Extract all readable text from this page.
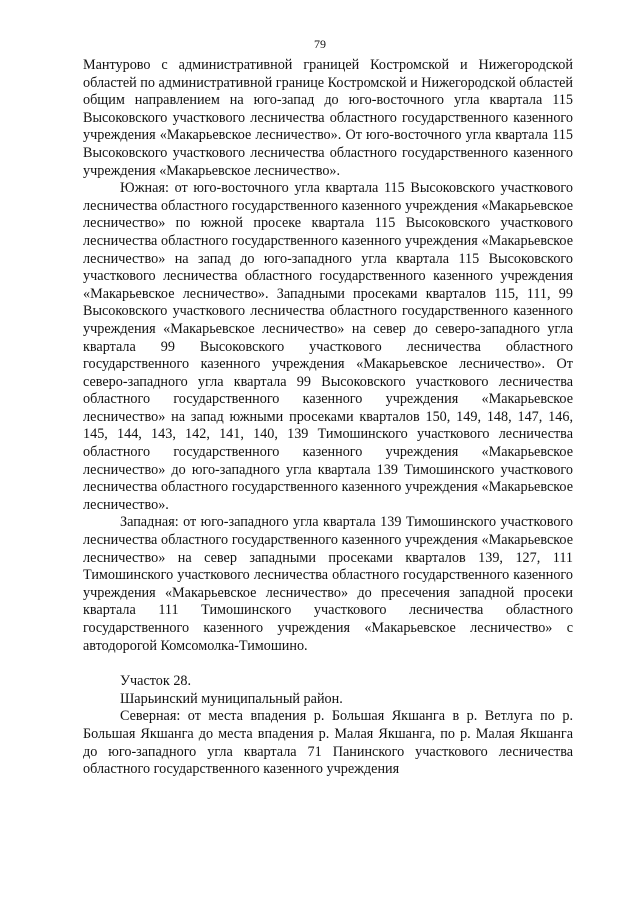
79

Мантурово с административной границей Костромской и Нижегородской областей по административной границе Костромской и Нижегородской областей общим направлением на юго-запад до юго-восточного угла квартала 115 Высоковского участкового лесничества областного государственного казенного учреждения «Макарьевское лесничество». От юго-восточного угла квартала 115 Высоковского участкового лесничества областного государственного казенного учреждения «Макарьевское лесничество».

Южная: от юго-восточного угла квартала 115 Высоковского участкового лесничества областного государственного казенного учреждения «Макарьевское лесничество» по южной просеке квартала 115 Высоковского участкового лесничества областного государственного казенного учреждения «Макарьевское лесничество» на запад до юго-западного угла квартала 115 Высоковского участкового лесничества областного государственного казенного учреждения «Макарьевское лесничество». Западными просеками кварталов 115, 111, 99 Высоковского участкового лесничества областного государственного казенного учреждения «Макарьевское лесничество» на север до северо-западного угла квартала 99 Высоковского участкового лесничества областного государственного казенного учреждения «Макарьевское лесничество». От северо-западного угла квартала 99 Высоковского участкового лесничества областного государственного казенного учреждения «Макарьевское лесничество» на запад южными просеками кварталов 150, 149, 148, 147, 146, 145, 144, 143, 142, 141, 140, 139 Тимошинского участкового лесничества областного государственного казенного учреждения «Макарьевское лесничество» до юго-западного угла квартала 139 Тимошинского участкового лесничества областного государственного казенного учреждения «Макарьевское лесничество».

Западная: от юго-западного угла квартала 139 Тимошинского участкового лесничества областного государственного казенного учреждения «Макарьевское лесничество» на север западными просеками кварталов 139, 127, 111 Тимошинского участкового лесничества областного государственного казенного учреждения «Макарьевское лесничество» до пресечения западной просеки квартала 111 Тимошинского участкового лесничества областного государственного казенного учреждения «Макарьевское лесничество» с автодорогой Комсомолка-Тимошино.

Участок 28.

Шарьинский муниципальный район.

Северная: от места впадения р. Большая Якшанга в р. Ветлуга по р. Большая Якшанга до места впадения р. Малая Якшанга, по р. Малая Якшанга до юго-западного угла квартала 71 Панинского участкового лесничества областного государственного казенного учреждения
